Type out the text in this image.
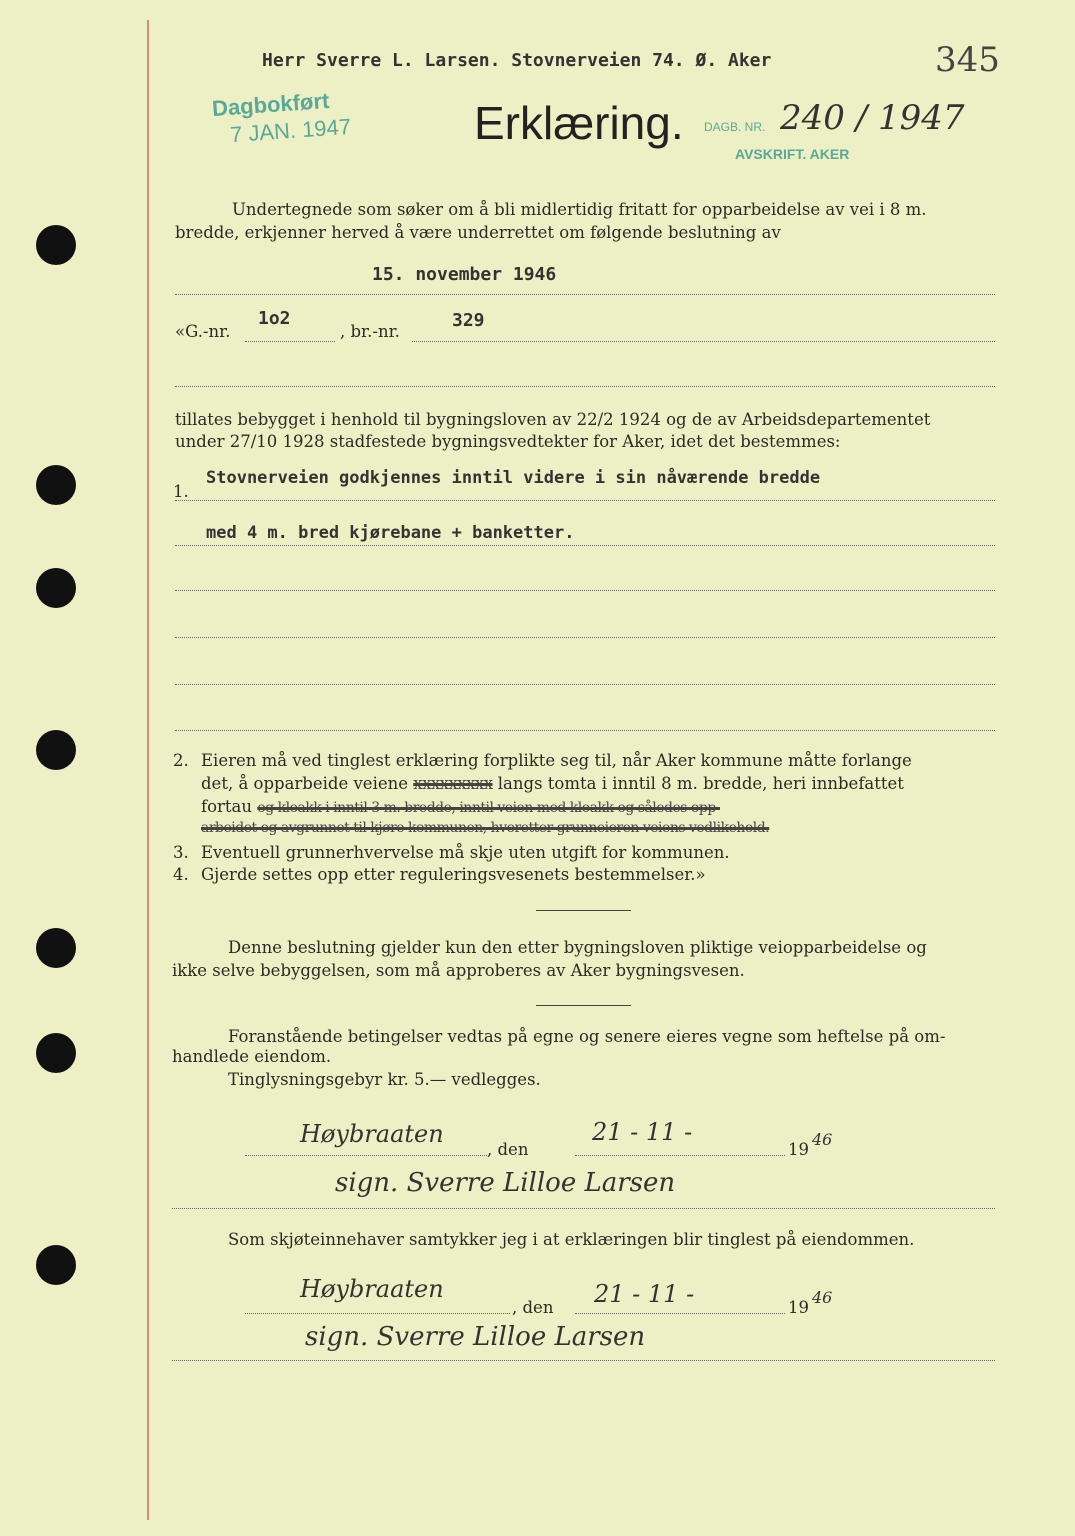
Herr Sverre L. Larsen. Stovnerveien 74. Ø. Aker	345
Dagbokført
7 JAN. 1947	Erklæring. DAGB. NR. 240 / 1947
AVSKRIFT. AKER
Undertegnede som søker om å bli midlertidig fritatt for opparbeidelse av vei i 8 m.
bredde, erkjenner herved å være underrettet om følgende beslutning av
15. november 1946
«G.-nr.
1o2
, br.-nr.
329
tillates bebygget i henhold til bygningsloven av 22/2 1924 og de av Arbeidsdepartementet
under 27/10 1928 stadfestede bygningsvedtekter for Aker, idet det bestemmes:
1.
Stovnerveien godkjennes inntil videre i sin nåværende bredde
med 4 m. bred kjørebane + banketter.
2. Eieren må ved tinglest erklæring forplikte seg til, når Aker kommune måtte forlange
det, å opparbeide veiene xxxxxxxxx langs tomta i inntil 8 m. bredde, heri innbefattet
fortau og kloakk i inntil 3 m. bredde, inntil veien med kloakk og således opp-
arbeidet og avgrunnet til kjøre kommunen, hvoretter grunneieren veiens vedlikehold.
3. Eventuell grunnerhvervelse må skje uten utgift for kommunen.
4. Gjerde settes opp etter reguleringsvesenets bestemmelser.»
Denne beslutning gjelder kun den etter bygningsloven pliktige veiopparbeidelse og
ikke selve bebyggelsen, som må approberes av Aker bygningsvesen.
Foranstående betingelser vedtas på egne og senere eieres vegne som heftelse på om-
handlede eiendom.
Tinglysningsgebyr kr. 5.— vedlegges.
Høybraaten
, den
21 - 11 -
19
46
sign. Sverre Lilloe Larsen
Som skjøteinnehaver samtykker jeg i at erklæringen blir tinglest på eiendommen.
Høybraaten
, den 21 - 11 -	19
46
sign. Sverre Lilloe Larsen
